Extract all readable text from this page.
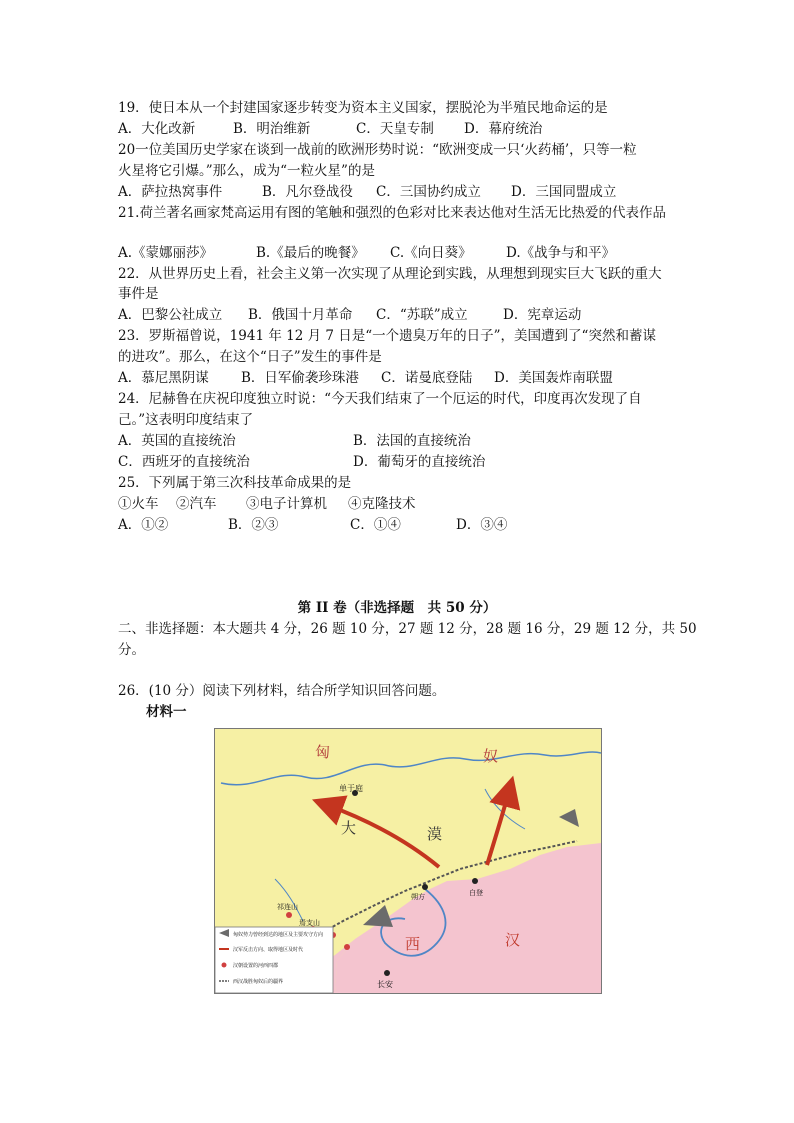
19．使日本从一个封建国家逐步转变为资本主义国家，摆脱沦为半殖民地命运的是
A．大化改新	B．明治维新	C．天皇专制 D．幕府统治
20一位美国历史学家在谈到一战前的欧洲形势时说：“欧洲变成一只‘火药桶’，只等一粒
火星将它引爆。”那么，成为“一粒火星”的是
A．萨拉热窝事件	B．凡尔登战役 C．三国协约成立 D．三国同盟成立
21.荷兰著名画家梵高运用有图的笔触和强烈的色彩对比来表达他对生活无比热爱的代表作品
A.《蒙娜丽莎》	B.《最后的晚餐》 C.《向日葵》	D.《战争与和平》
22．从世界历史上看，社会主义第一次实现了从理论到实践，从理想到现实巨大飞跃的重大
事件是
A．巴黎公社成立 B．俄国十月革命 C．“苏联”成立	D．宪章运动
23．罗斯福曾说，1941 年 12 月 7 日是“一个遗臭万年的日子”，美国遭到了“突然和蓄谋
的进攻”。那么，在这个“日子”发生的事件是
A．慕尼黑阴谋 B．日军偷袭珍珠港 C．诺曼底登陆 D．美国轰炸南联盟
24．尼赫鲁在庆祝印度独立时说：“今天我们结束了一个厄运的时代，印度再次发现了自
己。”这表明印度结束了
A．英国的直接统治	B．法国的直接统治
C．西班牙的直接统治	D．葡萄牙的直接统治
25．下列属于第三次科技革命成果的是
①火车 ②汽车 ③电子计算机 ④克隆技术
A．①②	B．②③	C．①④	D．③④
第 II 卷（非选择题　共 50 分）
二、非选择题：本大题共 4 分，26 题 10 分，27 题 12 分，28 题 16 分，29 题 12 分，共 50
分。
26．(10 分）阅读下列材料，结合所学知识回答问题。
材料一
匈	奴
大	漠
西	汉
单于庭
朔方	白登
祁连山
焉支山
长安
匈奴势力曾经到达的地区及主要攻守方向
汉军反击方向、取得地区及时代
汉朝设置的河西四郡
西汉战胜匈奴后的疆界
